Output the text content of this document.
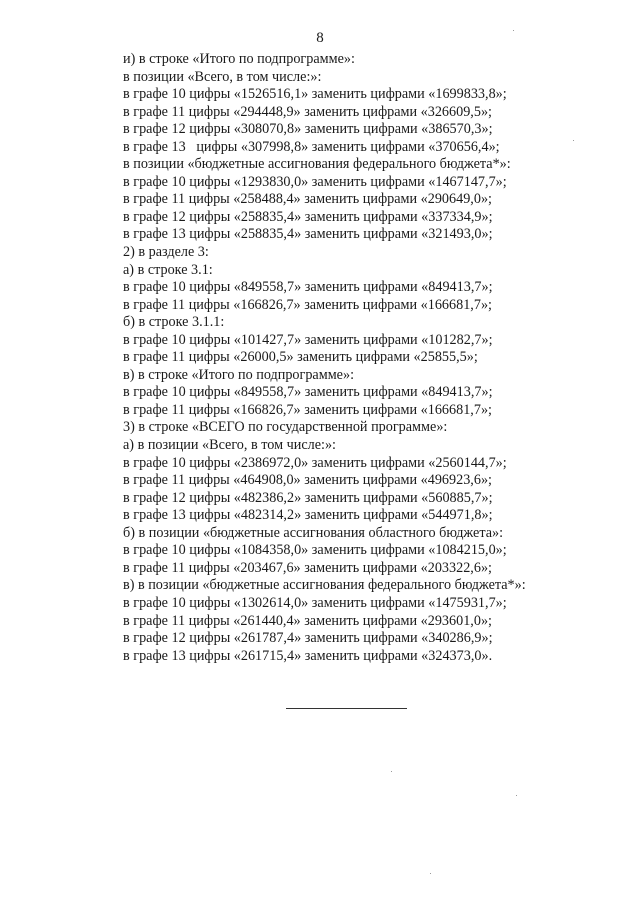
8
и) в строке «Итого по подпрограмме»:
в позиции «Всего, в том числе:»:
в графе 10 цифры «1526516,1» заменить цифрами «1699833,8»;
в графе 11 цифры «294448,9» заменить цифрами «326609,5»;
в графе 12 цифры «308070,8» заменить цифрами «386570,3»;
в графе 13   цифры «307998,8» заменить цифрами «370656,4»;
в позиции «бюджетные ассигнования федерального бюджета*»:
в графе 10 цифры «1293830,0» заменить цифрами «1467147,7»;
в графе 11 цифры «258488,4» заменить цифрами «290649,0»;
в графе 12 цифры «258835,4» заменить цифрами «337334,9»;
в графе 13 цифры «258835,4» заменить цифрами «321493,0»;
2) в разделе 3:
а) в строке 3.1:
в графе 10 цифры «849558,7» заменить цифрами «849413,7»;
в графе 11 цифры «166826,7» заменить цифрами «166681,7»;
б) в строке 3.1.1:
в графе 10 цифры «101427,7» заменить цифрами «101282,7»;
в графе 11 цифры «26000,5» заменить цифрами «25855,5»;
в) в строке «Итого по подпрограмме»:
в графе 10 цифры «849558,7» заменить цифрами «849413,7»;
в графе 11 цифры «166826,7» заменить цифрами «166681,7»;
3) в строке «ВСЕГО по государственной программе»:
а) в позиции «Всего, в том числе:»:
в графе 10 цифры «2386972,0» заменить цифрами «2560144,7»;
в графе 11 цифры «464908,0» заменить цифрами «496923,6»;
в графе 12 цифры «482386,2» заменить цифрами «560885,7»;
в графе 13 цифры «482314,2» заменить цифрами «544971,8»;
б) в позиции «бюджетные ассигнования областного бюджета»:
в графе 10 цифры «1084358,0» заменить цифрами «1084215,0»;
в графе 11 цифры «203467,6» заменить цифрами «203322,6»;
в) в позиции «бюджетные ассигнования федерального бюджета*»:
в графе 10 цифры «1302614,0» заменить цифрами «1475931,7»;
в графе 11 цифры «261440,4» заменить цифрами «293601,0»;
в графе 12 цифры «261787,4» заменить цифрами «340286,9»;
в графе 13 цифры «261715,4» заменить цифрами «324373,0».
